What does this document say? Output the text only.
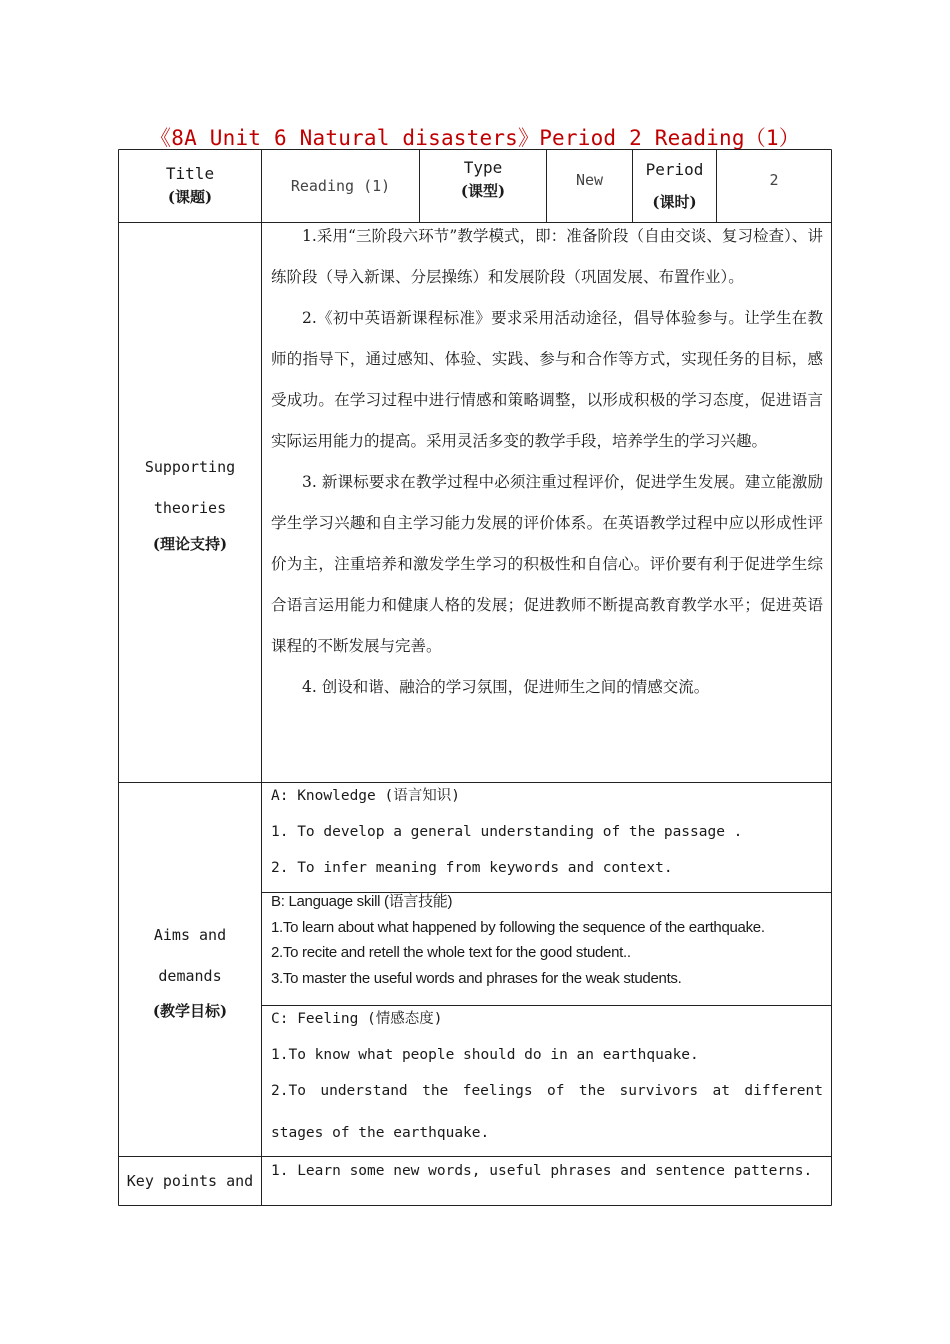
《8A Unit 6 Natural disasters》Period 2 Reading（1）
Title
(课题)
Reading (1)
Type
(课型)
New
Period
(课时)
2
Supporting
theories
(理论支持)

1.采用“三阶段六环节”教学模式，即：准备阶段（自由交谈、复习检查）、讲练阶段（导入新课、分层操练）和发展阶段（巩固发展、布置作业）。

2.《初中英语新课程标准》要求采用活动途径，倡导体验参与。让学生在教师的指导下，通过感知、体验、实践、参与和合作等方式，实现任务的目标，感受成功。在学习过程中进行情感和策略调整，以形成积极的学习态度，促进语言实际运用能力的提高。采用灵活多变的教学手段，培养学生的学习兴趣。

3. 新课标要求在教学过程中必须注重过程评价，促进学生发展。建立能激励学生学习兴趣和自主学习能力发展的评价体系。在英语教学过程中应以形成性评价为主，注重培养和激发学生学习的积极性和自信心。评价要有利于促进学生综合语言运用能力和健康人格的发展；促进教师不断提高教育教学水平；促进英语课程的不断发展与完善。

4. 创设和谐、融洽的学习氛围，促进师生之间的情感交流。

Aims and
demands
(教学目标)
A: Knowledge (语言知识)
1. To develop a general understanding of the passage .
2. To infer meaning from keywords and context.
B: Language skill (语言技能)
1.To learn about what happened by following the sequence of the earthquake.
2.To recite and retell the whole text for the good student..
3.To master the useful words and phrases for the weak students.
C: Feeling (情感态度)
1.To know what people should do in an earthquake.
2.To understand the feelings of the survivors at different stages of the earthquake.
Key points and
1. Learn some new words, useful phrases and sentence patterns.
